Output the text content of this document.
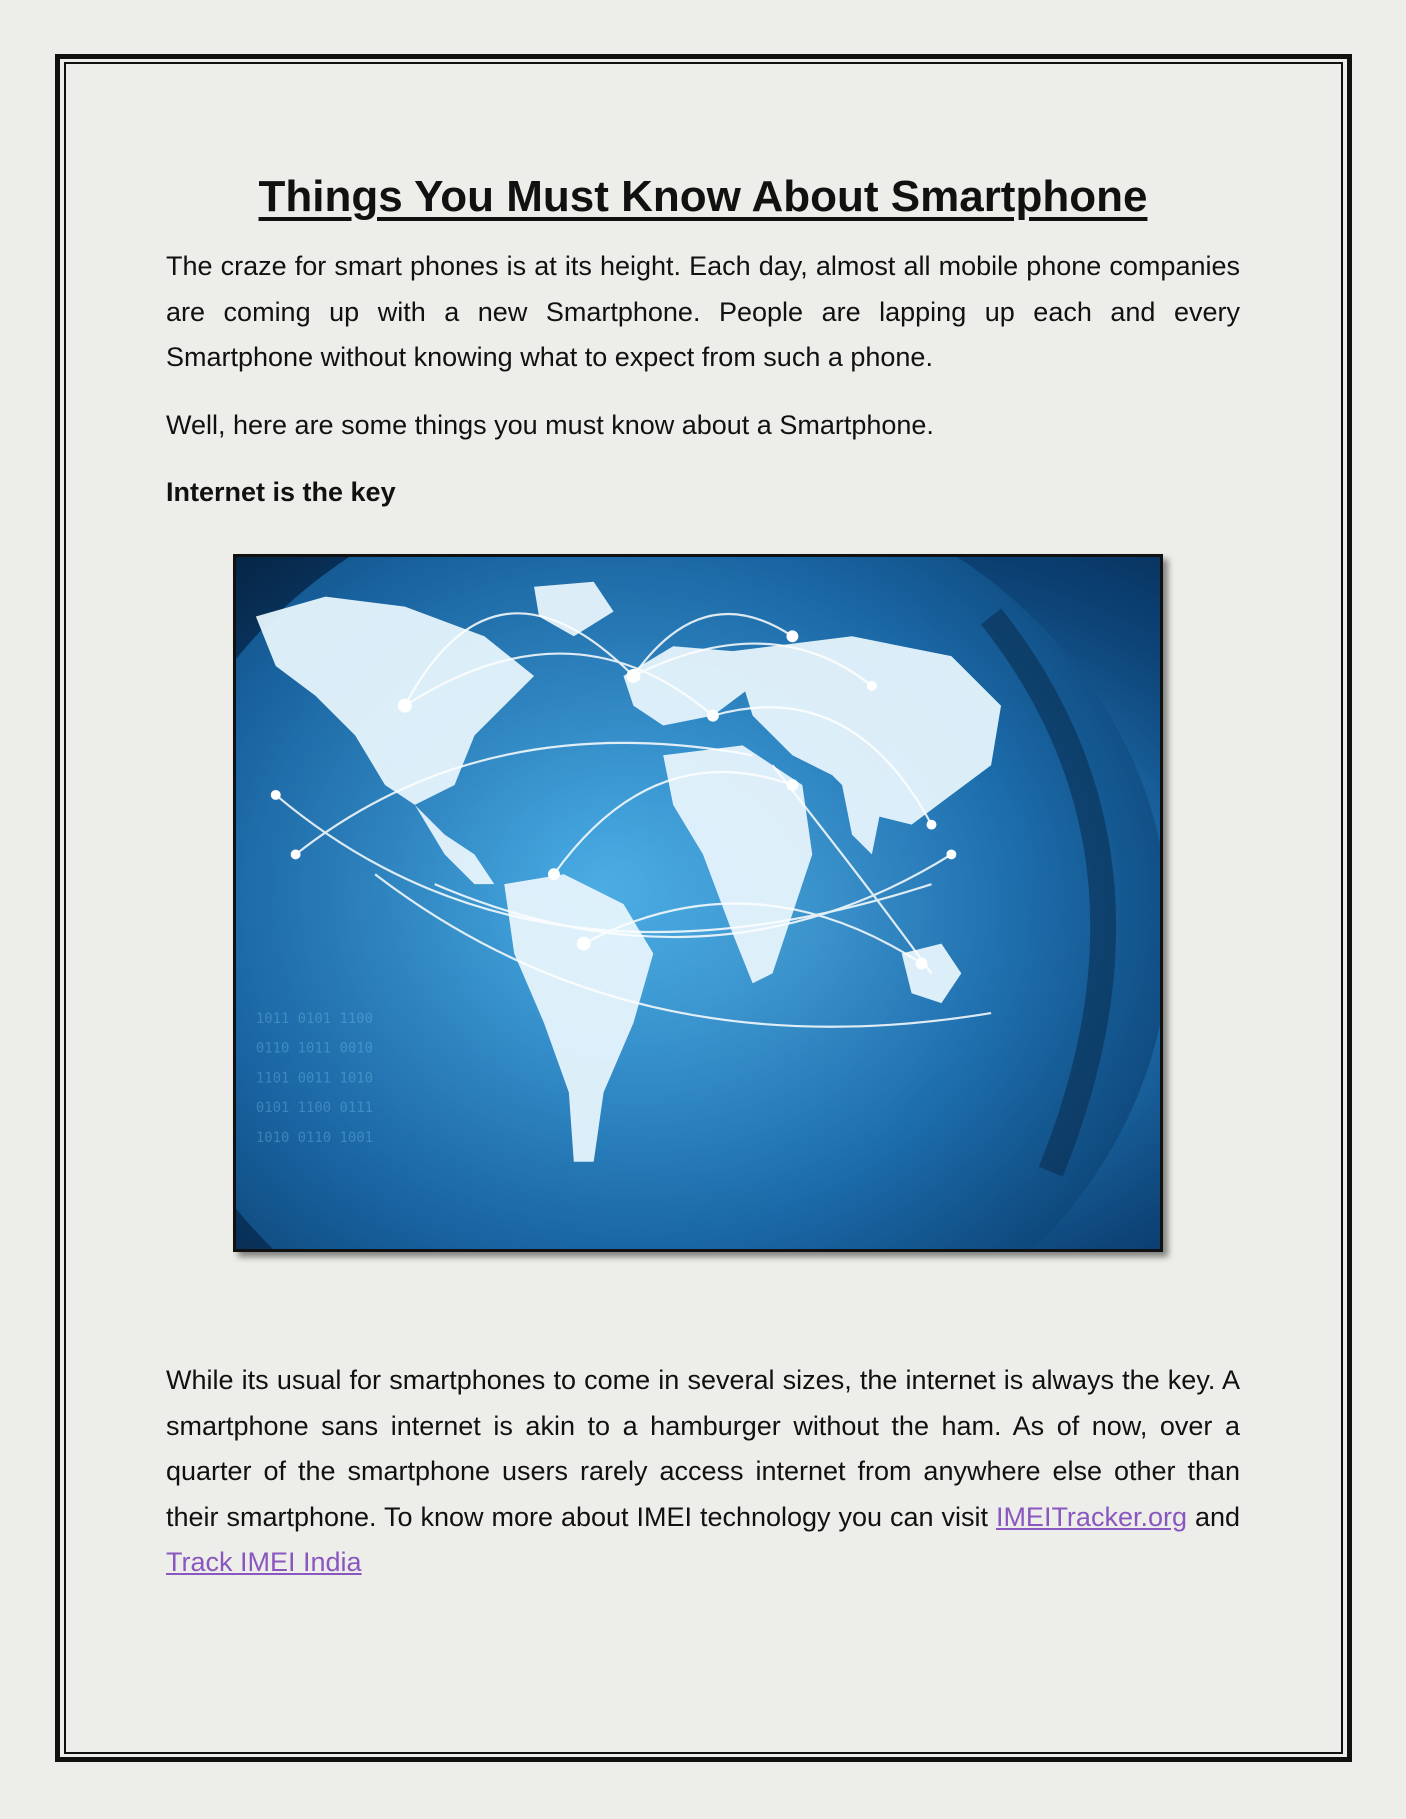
Things You Must Know About Smartphone

The craze for smart phones is at its height. Each day, almost all mobile phone companies are coming up with a new Smartphone. People are lapping up each and every Smartphone without knowing what to expect from such a phone.

Well, here are some things you must know about a Smartphone.

Internet is the key
1011 0101 1100
0110 1011 0010
1101 0011 1010
0101 1100 0111
1010 0110 1001

While its usual for smartphones to come in several sizes, the internet is always the key. A smartphone sans internet is akin to a hamburger without the ham. As of now, over a quarter of the smartphone users rarely access internet from anywhere else other than their smartphone. To know more about IMEI technology you can visit IMEITracker.org and Track IMEI India
